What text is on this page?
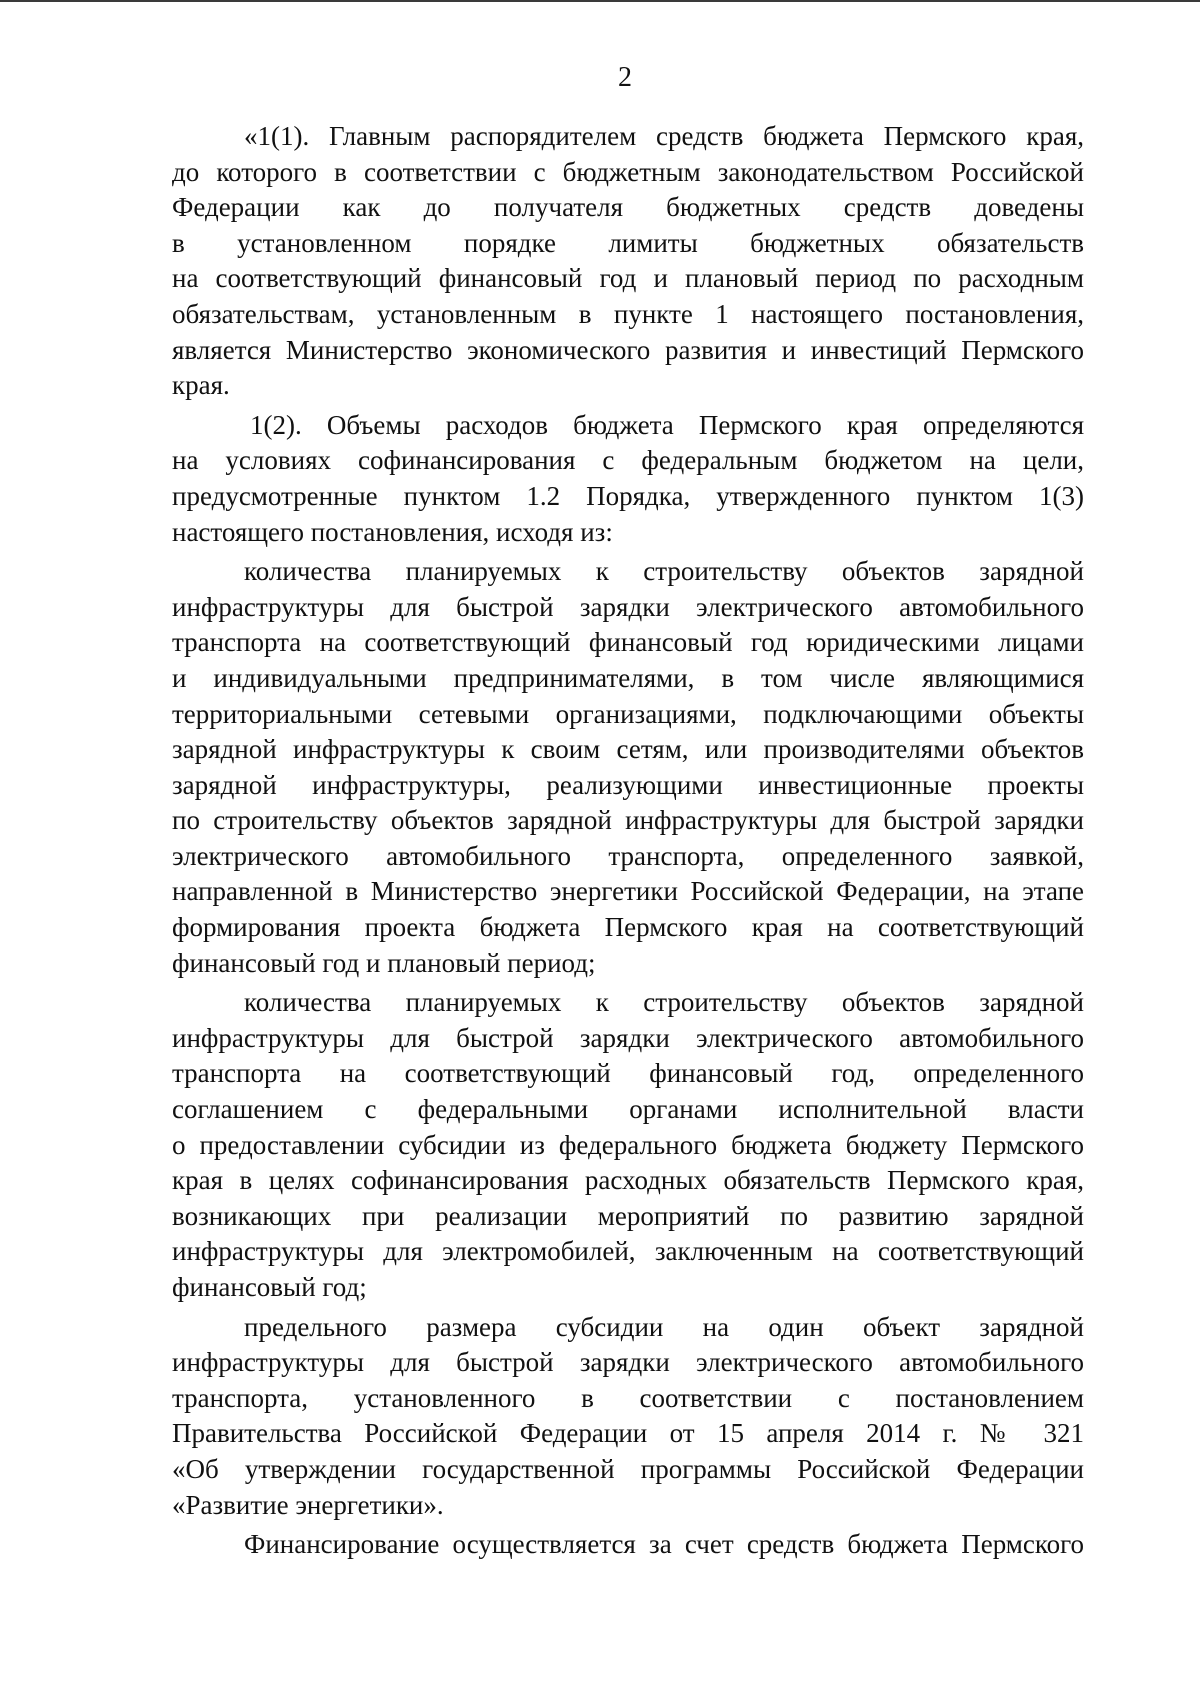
2
«1(1). Главным распорядителем средств бюджета Пермского края,
до которого в соответствии с бюджетным законодательством Российской
Федерации как до получателя бюджетных средств доведены
в установленном порядке лимиты бюджетных обязательств
на соответствующий финансовый год и плановый период по расходным
обязательствам, установленным в пункте 1 настоящего постановления,
является Министерство экономического развития и инвестиций Пермского
края.
1(2). Объемы расходов бюджета Пермского края определяются
на условиях софинансирования с федеральным бюджетом на цели,
предусмотренные пунктом 1.2 Порядка, утвержденного пунктом 1(3)
настоящего постановления, исходя из:
количества планируемых к строительству объектов зарядной
инфраструктуры для быстрой зарядки электрического автомобильного
транспорта на соответствующий финансовый год юридическими лицами
и индивидуальными предпринимателями, в том числе являющимися
территориальными сетевыми организациями, подключающими объекты
зарядной инфраструктуры к своим сетям, или производителями объектов
зарядной инфраструктуры, реализующими инвестиционные проекты
по строительству объектов зарядной инфраструктуры для быстрой зарядки
электрического автомобильного транспорта, определенного заявкой,
направленной в Министерство энергетики Российской Федерации, на этапе
формирования проекта бюджета Пермского края на соответствующий
финансовый год и плановый период;
количества планируемых к строительству объектов зарядной
инфраструктуры для быстрой зарядки электрического автомобильного
транспорта на соответствующий финансовый год, определенного
соглашением с федеральными органами исполнительной власти
о предоставлении субсидии из федерального бюджета бюджету Пермского
края в целях софинансирования расходных обязательств Пермского края,
возникающих при реализации мероприятий по развитию зарядной
инфраструктуры для электромобилей, заключенным на соответствующий
финансовый год;
предельного размера субсидии на один объект зарядной
инфраструктуры для быстрой зарядки электрического автомобильного
транспорта, установленного в соответствии с постановлением
Правительства Российской Федерации от 15 апреля 2014 г. № 321
«Об утверждении государственной программы Российской Федерации
«Развитие энергетики».
Финансирование осуществляется за счет средств бюджета Пермского
